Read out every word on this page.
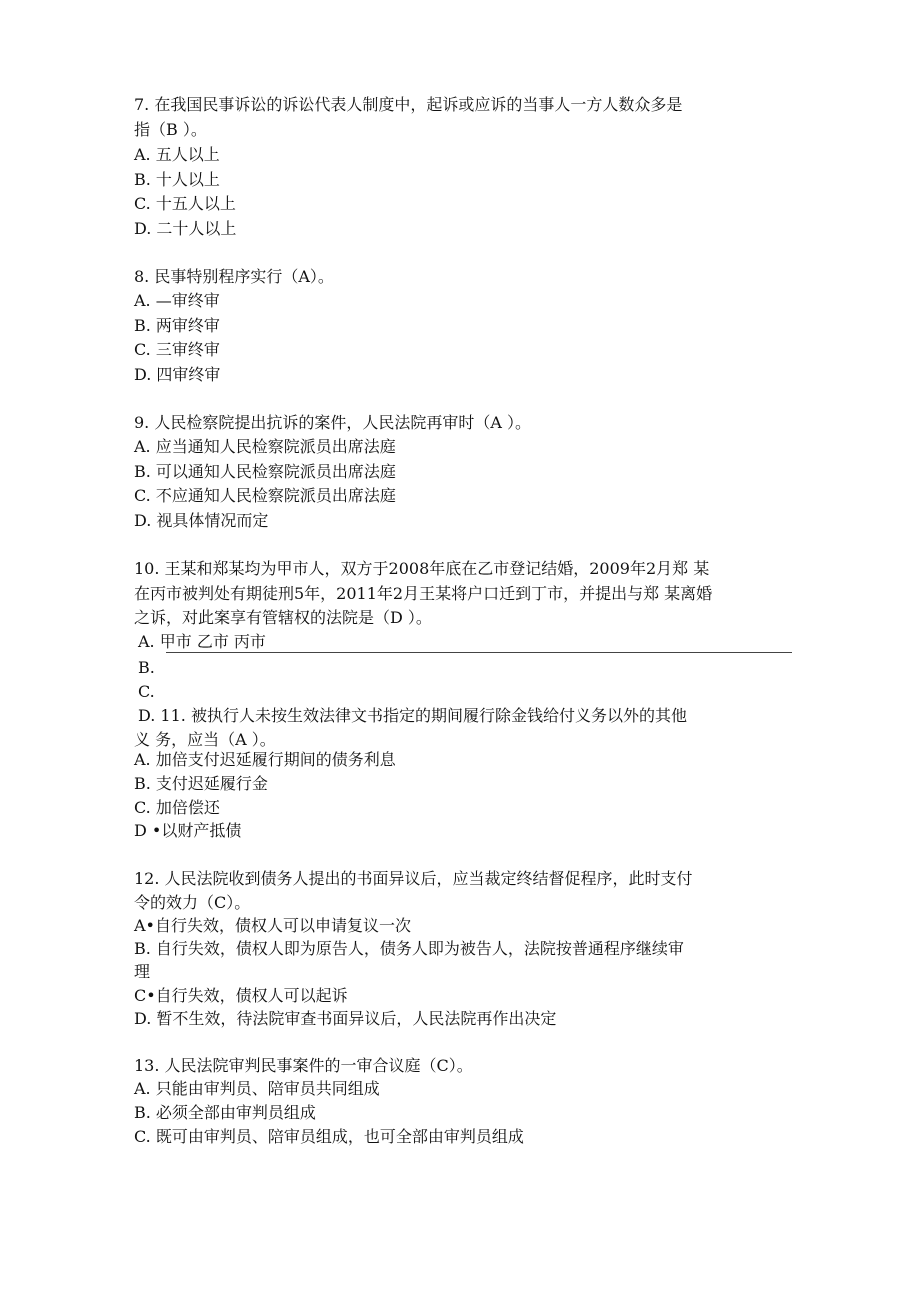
7. 在我国民事诉讼的诉讼代表人制度中，起诉或应诉的当事人一方人数众多是
指（B ）。
A. 五人以上
B. 十人以上
C. 十五人以上
D. 二十人以上
8. 民事特别程序实行（A）。
A. —审终审
B. 两审终审
C. 三审终审
D. 四审终审
9. 人民检察院提出抗诉的案件，人民法院再审时（A ）。
A. 应当通知人民检察院派员出席法庭
B. 可以通知人民检察院派员出席法庭
C. 不应通知人民检察院派员出席法庭
D. 视具体情况而定
10. 王某和郑某均为甲市人，双方于2008年底在乙市登记结婚，2009年2月郑 某
在丙市被判处有期徒刑5年，2011年2月王某将户口迁到丁市，并提出与郑 某离婚
之诉，对此案享有管辖权的法院是（D ）。
A. 甲市 乙市 丙市
B.
C.
D. 11. 被执行人未按生效法律文书指定的期间履行除金钱给付义务以外的其他
义 务，应当（A ）。
A. 加倍支付迟延履行期间的债务利息
B. 支付迟延履行金
C. 加倍偿还
D •以财产抵债
12. 人民法院收到债务人提出的书面异议后，应当裁定终结督促程序，此时支付
令的效力（C）。
A•自行失效，债权人可以申请复议一次
B. 自行失效，债权人即为原告人，债务人即为被告人，法院按普通程序继续审
理
C•自行失效，债权人可以起诉
D. 暂不生效，待法院审查书面异议后，人民法院再作出决定
13. 人民法院审判民事案件的一审合议庭（C）。
A. 只能由审判员、陪审员共同组成
B. 必须全部由审判员组成
C. 既可由审判员、陪审员组成，也可全部由审判员组成
